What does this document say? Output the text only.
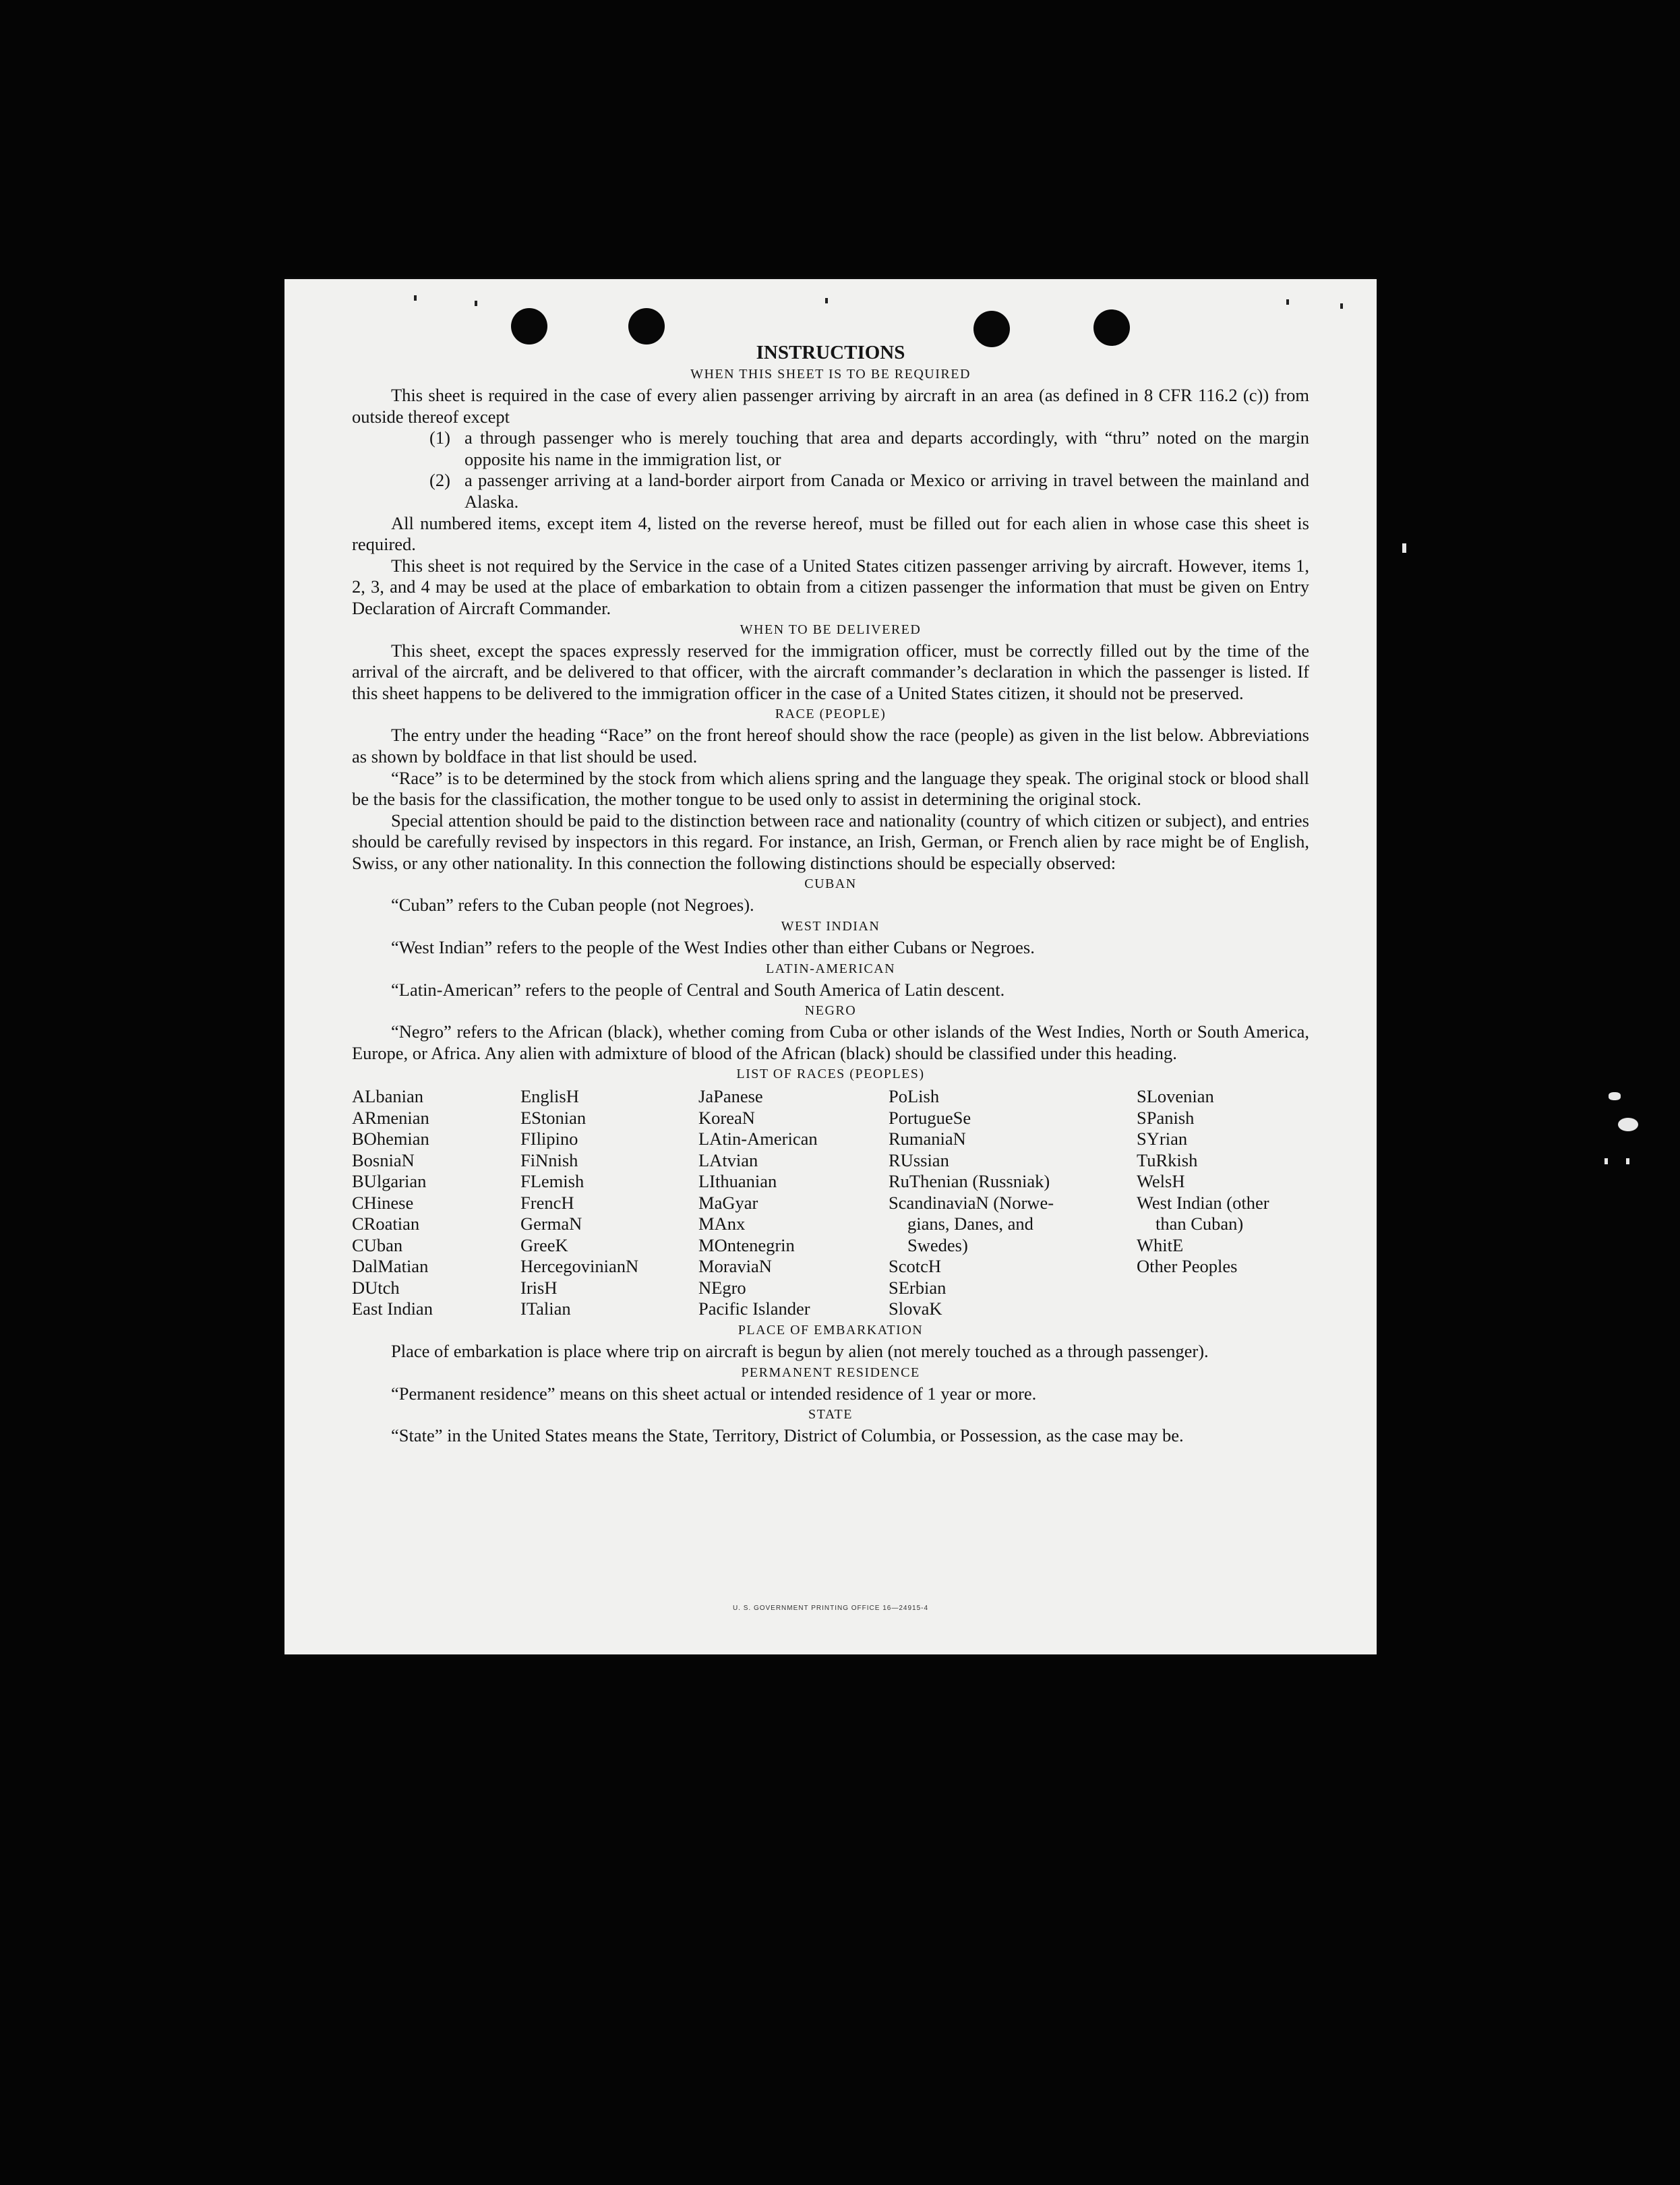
INSTRUCTIONS

WHEN THIS SHEET IS TO BE REQUIRED

This sheet is required in the case of every alien passenger arriving by aircraft in an area (as defined in 8 CFR 116.2 (c)) from outside thereof except

(1) a through passenger who is merely touching that area and departs accordingly, with “thru” noted on the margin opposite his name in the immigration list, or
(2) a passenger arriving at a land-border airport from Canada or Mexico or arriving in travel between the mainland and Alaska.

All numbered items, except item 4, listed on the reverse hereof, must be filled out for each alien in whose case this sheet is required.

This sheet is not required by the Service in the case of a United States citizen passenger arriving by aircraft. However, items 1, 2, 3, and 4 may be used at the place of embarkation to obtain from a citizen passenger the information that must be given on Entry Declaration of Aircraft Commander.

WHEN TO BE DELIVERED

This sheet, except the spaces expressly reserved for the immigration officer, must be correctly filled out by the time of the arrival of the aircraft, and be delivered to that officer, with the aircraft commander’s declaration in which the passenger is listed. If this sheet happens to be delivered to the immigration officer in the case of a United States citizen, it should not be preserved.

RACE (PEOPLE)

The entry under the heading “Race” on the front hereof should show the race (people) as given in the list below. Abbreviations as shown by boldface in that list should be used.

“Race” is to be determined by the stock from which aliens spring and the language they speak. The original stock or blood shall be the basis for the classification, the mother tongue to be used only to assist in determining the original stock.

Special attention should be paid to the distinction between race and nationality (country of which citizen or subject), and entries should be carefully revised by inspectors in this regard. For instance, an Irish, German, or French alien by race might be of English, Swiss, or any other nationality. In this connection the following distinctions should be especially observed:

CUBAN

“Cuban” refers to the Cuban people (not Negroes).

WEST INDIAN

“West Indian” refers to the people of the West Indies other than either Cubans or Negroes.

LATIN-AMERICAN

“Latin-American” refers to the people of Central and South America of Latin descent.

NEGRO

“Negro” refers to the African (black), whether coming from Cuba or other islands of the West Indies, North or South America, Europe, or Africa. Any alien with admixture of blood of the African (black) should be classified under this heading.

LIST OF RACES (PEOPLES)

ALbanian
ARmenian
BOhemian
BosniaN
BUlgarian
CHinese
CRoatian
CUban
DalMatian
DUtch
East Indian
EnglisH
EStonian
FIlipino
FiNnish
FLemish
FrencH
GermaN
GreeK
HercegovinianN
IrisH
ITalian
JaPanese
KoreaN
LAtin-American
LAtvian
LIthuanian
MaGyar
MAnx
MOntenegrin
MoraviaN
NEgro
Pacific Islander
PoLish
PortugueSe
RumaniaN
RUssian
RuThenian (Russniak)
ScandinaviaN (Norwe-
gians, Danes, and
Swedes)
ScotcH
SErbian
SlovaK
SLovenian
SPanish
SYrian
TuRkish
WelsH
West Indian (other
than Cuban)
WhitE
Other Peoples

PLACE OF EMBARKATION

Place of embarkation is place where trip on aircraft is begun by alien (not merely touched as a through passenger).

PERMANENT RESIDENCE

“Permanent residence” means on this sheet actual or intended residence of 1 year or more.

STATE

“State” in the United States means the State, Territory, District of Columbia, or Possession, as the case may be.

U. S. GOVERNMENT PRINTING OFFICE 16—24915-4
